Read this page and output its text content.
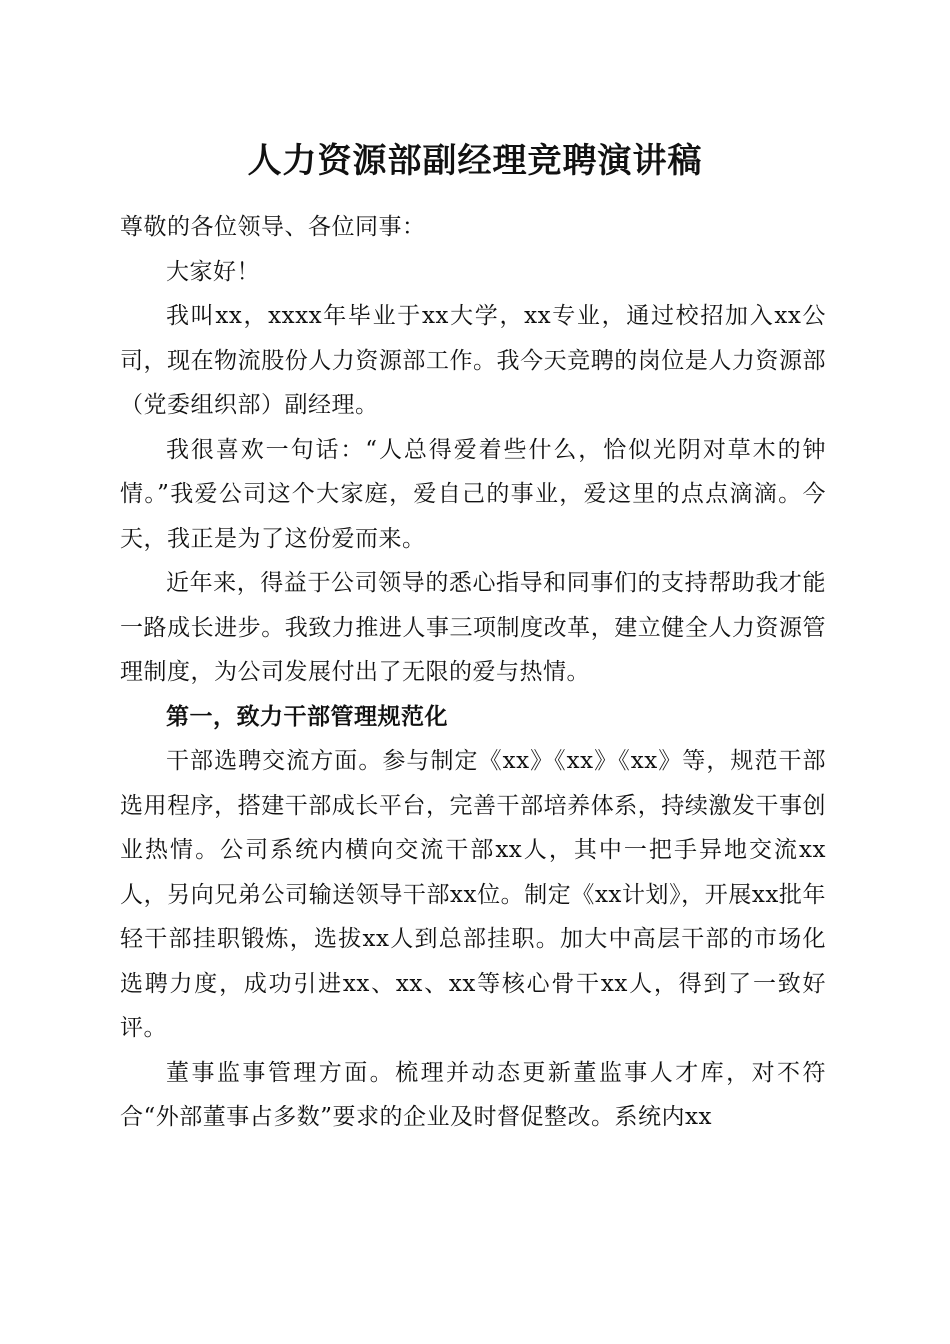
人力资源部副经理竞聘演讲稿

尊敬的各位领导、各位同事：

大家好！

我叫xx，xxxx年毕业于xx大学，xx专业，通过校招加入xx公司，现在物流股份人力资源部工作。我今天竞聘的岗位是人力资源部（党委组织部）副经理。

我很喜欢一句话：“人总得爱着些什么，恰似光阴对草木的钟情。”我爱公司这个大家庭，爱自己的事业，爱这里的点点滴滴。今天，我正是为了这份爱而来。

近年来，得益于公司领导的悉心指导和同事们的支持帮助我才能一路成长进步。我致力推进人事三项制度改革，建立健全人力资源管理制度，为公司发展付出了无限的爱与热情。

第一，致力干部管理规范化

干部选聘交流方面。参与制定《xx》《xx》《xx》等，规范干部选用程序，搭建干部成长平台，完善干部培养体系，持续激发干事创业热情。公司系统内横向交流干部xx人，其中一把手异地交流xx人，另向兄弟公司输送领导干部xx位。制定《xx计划》，开展xx批年轻干部挂职锻炼，选拔xx人到总部挂职。加大中高层干部的市场化选聘力度，成功引进xx、xx、xx等核心骨干xx人，得到了一致好评。

董事监事管理方面。梳理并动态更新董监事人才库，对不符合“外部董事占多数”要求的企业及时督促整改。系统内xx
